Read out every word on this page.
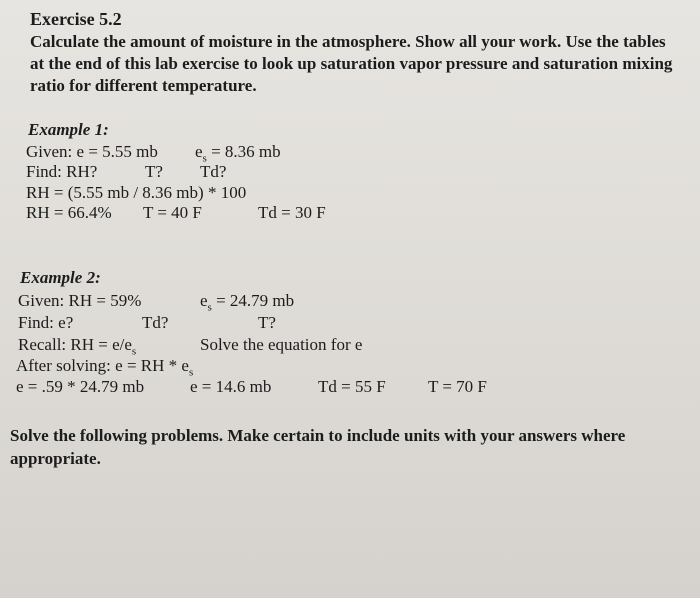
Exercise 5.2
Calculate the amount of moisture in the atmosphere. Show all your work. Use the tables
at the end of this lab exercise to look up saturation vapor pressure and saturation mixing
ratio for different temperature.
Example 1:
Given: e = 5.55 mb $e_s = 8.36$ mb
Find: RH?	T? Td?
RH = (5.55 mb / 8.36 mb) * 100
RH = 66.4% T = 40 F	Td = 30 F
Example 2:
Given: RH = 59%	$e_s = 24.79$ mb
Find: e?	Td?	T?
Recall: RH = $e/e_s$	Solve the equation for e
After solving: e = RH * $e_s$
e = .59 * 24.79 mb	e = 14.6 mb	Td = 55 F T = 70 F
Solve the following problems. Make certain to include units with your answers where
appropriate.
